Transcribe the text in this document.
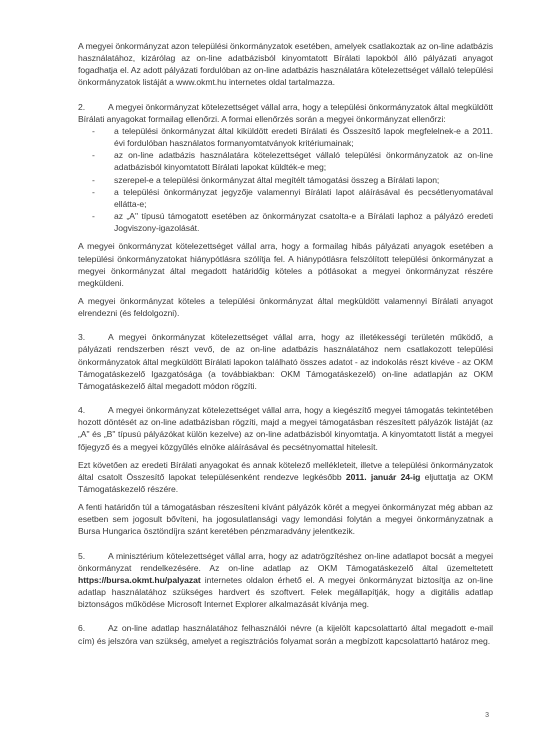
A megyei önkormányzat azon települési önkormányzatok esetében, amelyek csatlakoztak az on-line adatbázis használatához, kizárólag az on-line adatbázisból kinyomtatott Bírálati lapokból álló pályázati anyagot fogadhatja el. Az adott pályázati fordulóban az on-line adatbázis használatára kötelezettséget vállaló települési önkormányzatok listáját a www.okmt.hu internetes oldal tartalmazza.

2.	A megyei önkormányzat kötelezettséget vállal arra, hogy a települési önkormányzatok által megküldött Bírálati anyagokat formailag ellenőrzi. A formai ellenőrzés során a megyei önkormányzat ellenőrzi:

- a települési önkormányzat által kiküldött eredeti Bírálati és Összesítő lapok megfelelnek-e a 2011. évi fordulóban használatos formanyomtatványok kritériumainak;
- az on-line adatbázis használatára kötelezettséget vállaló települési önkormányzatok az on-line adatbázisból kinyomtatott Bírálati lapokat küldték-e meg;
- szerepel-e a települési önkormányzat által megítélt támogatási összeg a Bírálati lapon;
- a települési önkormányzat jegyzője valamennyi Bírálati lapot aláírásával és pecsétlenyomatával ellátta-e;
- az „A" típusú támogatott esetében az önkormányzat csatolta-e a Bírálati laphoz a pályázó eredeti Jogviszony-igazolását.

A megyei önkormányzat kötelezettséget vállal arra, hogy a formailag hibás pályázati anyagok esetében a települési önkormányzatokat hiánypótlásra szólítja fel. A hiánypótlásra felszólított települési önkormányzat a megyei önkormányzat által megadott határidőig köteles a pótlásokat a megyei önkormányzat részére megküldeni.

A megyei önkormányzat köteles a települési önkormányzat által megküldött valamennyi Bírálati anyagot elrendezni (és feldolgozni).

3.	A megyei önkormányzat kötelezettséget vállal arra, hogy az illetékességi területén működő, a pályázati rendszerben részt vevő, de az on-line adatbázis használatához nem csatlakozott települési önkormányzatok által megküldött Bírálati lapokon található összes adatot - az indokolás részt kivéve - az OKM Támogatáskezelő Igazgatósága (a továbbiakban: OKM Támogatáskezelő) on-line adatlapján az OKM Támogatáskezelő által megadott módon rögzíti.

4.	A megyei önkormányzat kötelezettséget vállal arra, hogy a kiegészítő megyei támogatás tekintetében hozott döntését az on-line adatbázisban rögzíti, majd a megyei támogatásban részesített pályázók listáját (az „A" és „B" típusú pályázókat külön kezelve) az on-line adatbázisból kinyomtatja. A kinyomtatott listát a megyei főjegyző és a megyei közgyűlés elnöke aláírásával és pecsétnyomattal hitelesít.

Ezt követően az eredeti Bírálati anyagokat és annak kötelező mellékleteit, illetve a települési önkormányzatok által csatolt Összesítő lapokat településenként rendezve legkésőbb 2011. január 24-ig eljuttatja az OKM Támogatáskezelő részére.

A fenti határidőn túl a támogatásban részesíteni kívánt pályázók körét a megyei önkormányzat még abban az esetben sem jogosult bővíteni, ha jogosulatlansági vagy lemondási folytán a megyei önkormányzatnak a Bursa Hungarica ösztöndíjra szánt keretében pénzmaradvány jelentkezik.

5.	A minisztérium kötelezettséget vállal arra, hogy az adatrögzítéshez on-line adatlapot bocsát a megyei önkormányzat rendelkezésére. Az on-line adatlap az OKM Támogatáskezelő által üzemeltetett https://bursa.okmt.hu/palyazat internetes oldalon érhető el. A megyei önkormányzat biztosítja az on-line adatlap használatához szükséges hardvert és szoftvert. Felek megállapítják, hogy a digitális adatlap biztonságos működése Microsoft Internet Explorer alkalmazását kívánja meg.

6.	Az on-line adatlap használatához felhasználói névre (a kijelölt kapcsolattartó által megadott e-mail cím) és jelszóra van szükség, amelyet a regisztrációs folyamat során a megbízott kapcsolattartó határoz meg.

3
